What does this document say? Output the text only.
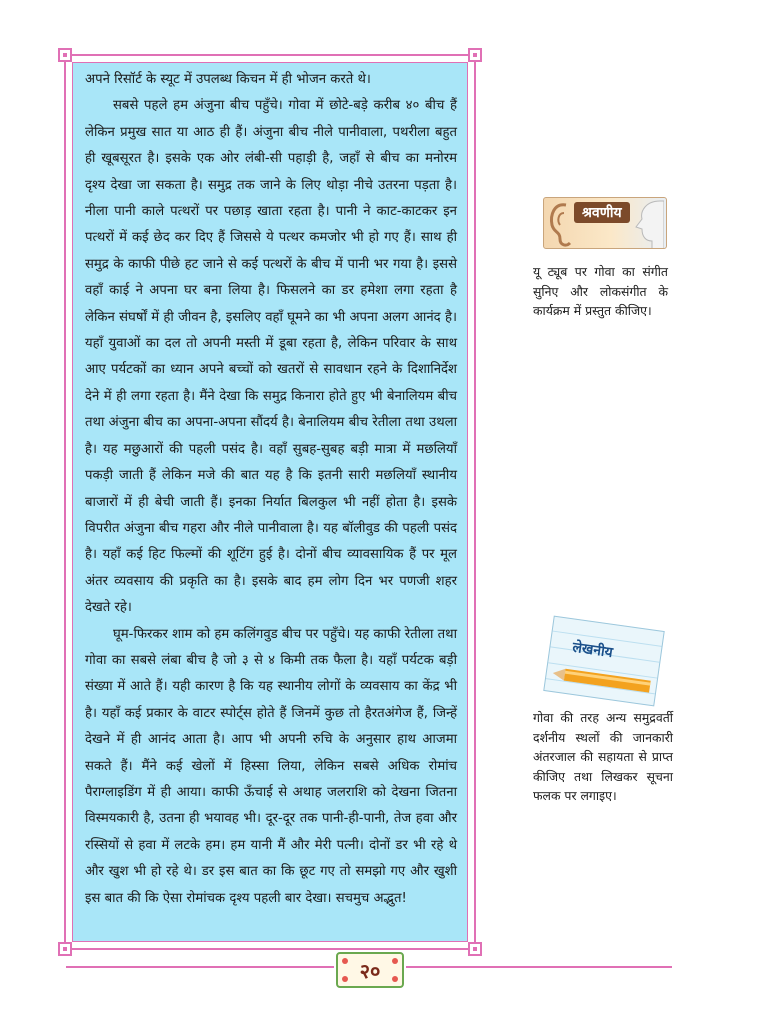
अपने रिसॉर्ट के स्यूट में उपलब्ध किचन में ही भोजन करते थे।

सबसे पहले हम अंजुना बीच पहुँचे। गोवा में छोटे-बड़े करीब ४० बीच हैं लेकिन प्रमुख सात या आठ ही हैं। अंजुना बीच नीले पानीवाला, पथरीला बहुत ही खूबसूरत है। इसके एक ओर लंबी-सी पहाड़ी है, जहाँ से बीच का मनोरम दृश्य देखा जा सकता है। समुद्र तक जाने के लिए थोड़ा नीचे उतरना पड़ता है। नीला पानी काले पत्थरों पर पछाड़ खाता रहता है। पानी ने काट-काटकर इन पत्थरों में कई छेद कर दिए हैं जिससे ये पत्थर कमजोर भी हो गए हैं। साथ ही समुद्र के काफी पीछे हट जाने से कई पत्थरों के बीच में पानी भर गया है। इससे वहाँ काई ने अपना घर बना लिया है। फिसलने का डर हमेशा लगा रहता है लेकिन संघर्षों में ही जीवन है, इसलिए वहाँ घूमने का भी अपना अलग आनंद है। यहाँ युवाओं का दल तो अपनी मस्ती में डूबा रहता है, लेकिन परिवार के साथ आए पर्यटकों का ध्यान अपने बच्चों को खतरों से सावधान रहने के दिशानिर्देश देने में ही लगा रहता है। मैंने देखा कि समुद्र किनारा होते हुए भी बेनालियम बीच तथा अंजुना बीच का अपना-अपना सौंदर्य है। बेनालियम बीच रेतीला तथा उथला है। यह मछुआरों की पहली पसंद है। वहाँ सुबह-सुबह बड़ी मात्रा में मछलियाँ पकड़ी जाती हैं लेकिन मजे की बात यह है कि इतनी सारी मछलियाँ स्थानीय बाजारों में ही बेची जाती हैं। इनका निर्यात बिलकुल भी नहीं होता है। इसके विपरीत अंजुना बीच गहरा और नीले पानीवाला है। यह बॉलीवुड की पहली पसंद है। यहाँ कई हिट फिल्मों की शूटिंग हुई है। दोनों बीच व्यावसायिक हैं पर मूल अंतर व्यवसाय की प्रकृति का है। इसके बाद हम लोग दिन भर पणजी शहर देखते रहे।

घूम-फिरकर शाम को हम कलिंगवुड बीच पर पहुँचे। यह काफी रेतीला तथा गोवा का सबसे लंबा बीच है जो ३ से ४ किमी तक फैला है। यहाँ पर्यटक बड़ी संख्या में आते हैं। यही कारण है कि यह स्थानीय लोगों के व्यवसाय का केंद्र भी है। यहाँ कई प्रकार के वाटर स्पोर्ट्स होते हैं जिनमें कुछ तो हैरतअंगेज हैं, जिन्हें देखने में ही आनंद आता है। आप भी अपनी रुचि के अनुसार हाथ आजमा सकते हैं। मैंने कई खेलों में हिस्सा लिया, लेकिन सबसे अधिक रोमांच पैराग्लाइडिंग में ही आया। काफी ऊँचाई से अथाह जलराशि को देखना जितना विस्मयकारी है, उतना ही भयावह भी। दूर-दूर तक पानी-ही-पानी, तेज हवा और रस्सियों से हवा में लटके हम। हम यानी मैं और मेरी पत्नी। दोनों डर भी रहे थे और खुश भी हो रहे थे। डर इस बात का कि छूट गए तो समझो गए और खुशी इस बात की कि ऐसा रोमांचक दृश्य पहली बार देखा। सचमुच अद्भुत!

श्रवणीय
यू ट्यूब पर गोवा का संगीत सुनिए और लोकसंगीत के कार्यक्रम में प्रस्तुत कीजिए।
लेखनीय
गोवा की तरह अन्य समुद्रवर्ती दर्शनीय स्थलों की जानकारी अंतरजाल की सहायता से प्राप्त कीजिए तथा लिखकर सूचना फलक पर लगाइए।
२०
